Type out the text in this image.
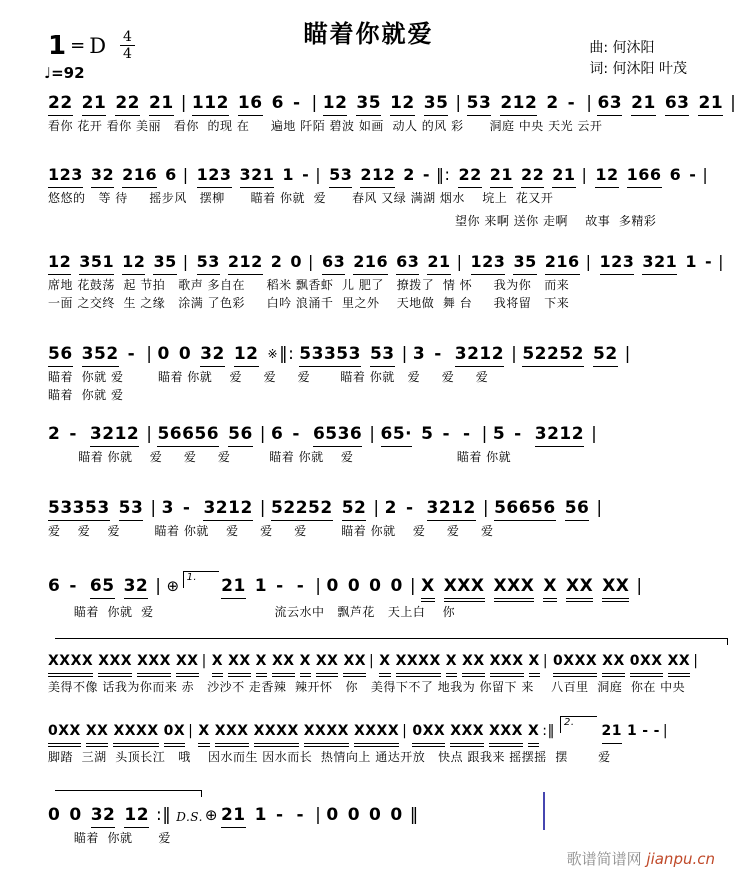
瞄着你就爱
1 = D $\frac{4}{4}$
♩=92
曲: 何沐阳
词: 何沐阳 叶茂
22 21 22 21 | 112 16 6 - | 12 35 12 35 | 53 212 2 - | 63 21 63 21 |
看你 花开 看你 美丽   看你  的现 在     遍地 阡陌 碧波 如画  动人 的风 彩      洞庭 中央 天光 云开
123 32 216 6 | 123 321 1 - | 53 212 2 - ‖: 22 21 22 21 | 12 166 6 - |
悠悠的   等 待     摇步风   摆柳      瞄着 你就  爱      春风 又绿 满湖 烟水    垸上  花又开
望你 来啊 送你 走啊    故事  多精彩
12 351 12 35 | 53 212 2 0 | 63 216 63 21 | 123 35 216 | 123 321 1 - |
席地 花鼓荡  起 节拍   歌声 多自在     稻米 飘香虾  儿 肥了   撩拨了  情 怀     我为你   而来
一面 之交终  生 之缘   涂满 了色彩     白吟 浪涌千  里之外    天地做  舞 台     我将留   下来
56 352 - | 0 0 32 12 ※‖: 53353 53 | 3 - 3212 | 52252 52 |
瞄着  你就 爱        瞄着 你就    爱     爱     爱       瞄着 你就   爱     爱     爱
瞄着  你就 爱
2 - 3212 | 56656 56 | 6 - 6536 | 65· 5 - - | 5 - 3212 |
瞄着 你就    爱     爱     爱         瞄着 你就    爱                        瞄着 你就
53353 53 | 3 - 3212 | 52252 52 | 2 - 3212 | 56656 56 |
爱    爱    爱        瞄着 你就    爱     爱     爱        瞄着 你就    爱     爱     爱
6 - 65 32 | ⊕ 1. 21 1 - - | 0 0 0 0 | X XXX XXX X XX XX |
瞄着  你就  爱                            流云水中   飘芦花   天上白    你
XXXX XXX XXX XX | X XX X XX X XX XX | X XXXX X XX XXX X | 0XXX XX 0XX XX |
美得不像 话我为你而来 赤   沙沙不 走香辣  辣开怀   你   美得下不了 地我为 你留下 来    八百里  洞庭  你在 中央
0XX XX XXXX 0X | X XXX XXXX XXXX XXXX | 0XX XXX XXX X :‖2.21 1 - - |
脚踏  三湖  头顶长江   哦    因水而生 因水而长  热情向上 通达开放   快点 跟我来 摇摆摇  摆       爱
0 0 32 12 :‖ D.S. ⊕ 21 1 - - | 0 0 0 0 ‖
瞄着  你就      爱
歌谱简谱网 jianpu.cn
